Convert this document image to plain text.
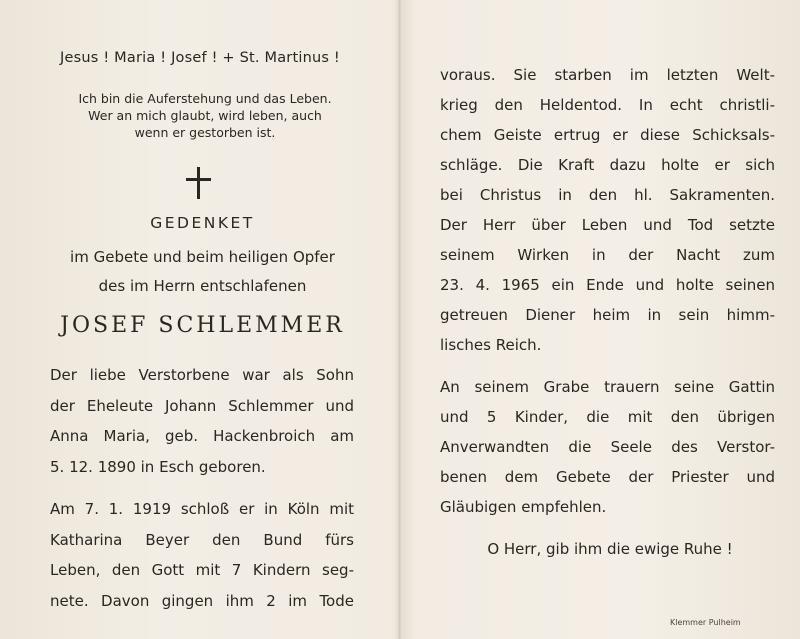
Jesus ! Maria ! Josef ! + St. Martinus !
Ich bin die Auferstehung und das Leben.
Wer an mich glaubt, wird leben, auch
wenn er gestorben ist.
GEDENKET
im Gebete und beim heiligen Opfer
des im Herrn entschlafenen
JOSEF SCHLEMMER
Der liebe Verstorbene war als Sohn
der Eheleute Johann Schlemmer und
Anna Maria, geb. Hackenbroich am
5. 12. 1890 in Esch geboren.
Am 7. 1. 1919 schloß er in Köln mit
Katharina Beyer den Bund fürs
Leben, den Gott mit 7 Kindern seg-
nete. Davon gingen ihm 2 im Tode
voraus. Sie starben im letzten Welt-
krieg den Heldentod. In echt christli-
chem Geiste ertrug er diese Schicksals-
schläge. Die Kraft dazu holte er sich
bei Christus in den hl. Sakramenten.
Der Herr über Leben und Tod setzte
seinem Wirken in der Nacht zum
23. 4. 1965 ein Ende und holte seinen
getreuen Diener heim in sein himm-
lisches Reich.
An seinem Grabe trauern seine Gattin
und 5 Kinder, die mit den übrigen
Anverwandten die Seele des Verstor-
benen dem Gebete der Priester und
Gläubigen empfehlen.
O Herr, gib ihm die ewige Ruhe !
Klemmer Pulheim
